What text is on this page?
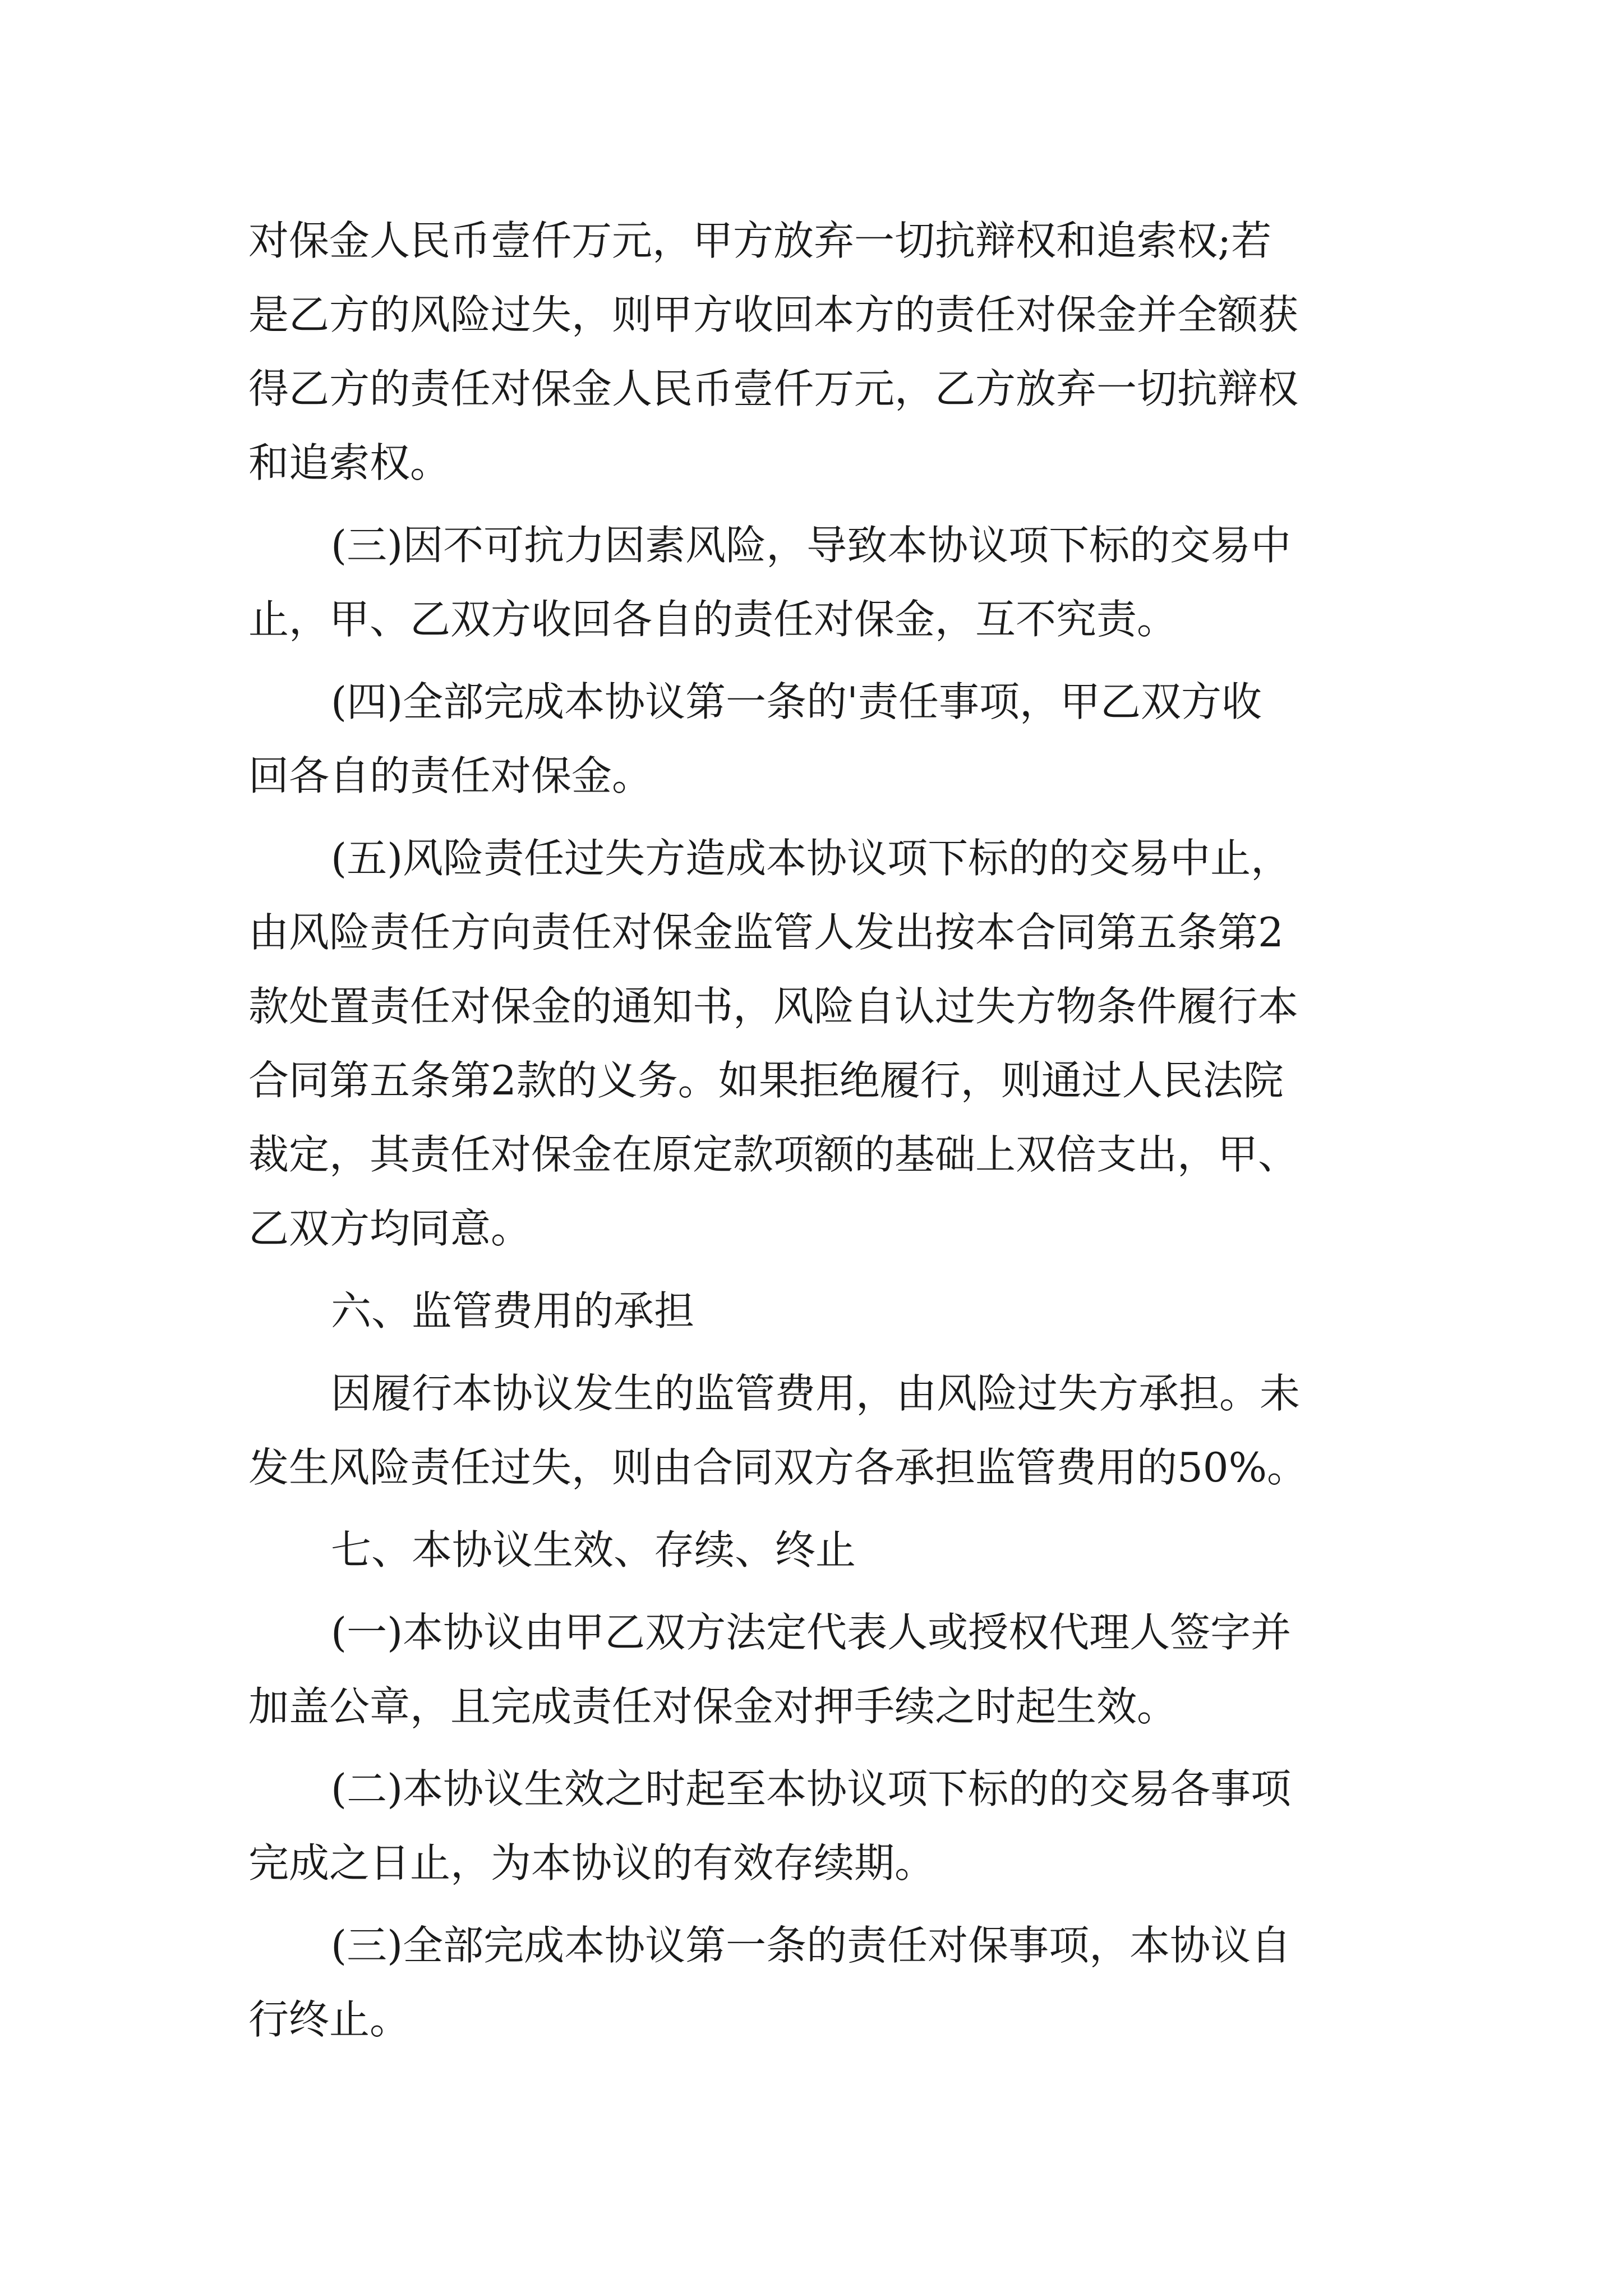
对保金人民币壹仟万元，甲方放弃一切抗辩权和追索权;若

是乙方的风险过失，则甲方收回本方的责任对保金并全额获

得乙方的责任对保金人民币壹仟万元，乙方放弃一切抗辩权

和追索权。

(三)因不可抗力因素风险，导致本协议项下标的交易中

止，甲、乙双方收回各自的责任对保金，互不究责。

(四)全部完成本协议第一条的'责任事项，甲乙双方收

回各自的责任对保金。

(五)风险责任过失方造成本协议项下标的的交易中止，

由风险责任方向责任对保金监管人发出按本合同第五条第2

款处置责任对保金的通知书，风险自认过失方物条件履行本

合同第五条第2款的义务。如果拒绝履行，则通过人民法院

裁定，其责任对保金在原定款项额的基础上双倍支出，甲、

乙双方均同意。

六、监管费用的承担

因履行本协议发生的监管费用，由风险过失方承担。未

发生风险责任过失，则由合同双方各承担监管费用的50%。

七、本协议生效、存续、终止

(一)本协议由甲乙双方法定代表人或授权代理人签字并

加盖公章，且完成责任对保金对押手续之时起生效。

(二)本协议生效之时起至本协议项下标的的交易各事项

完成之日止，为本协议的有效存续期。

(三)全部完成本协议第一条的责任对保事项，本协议自

行终止。
